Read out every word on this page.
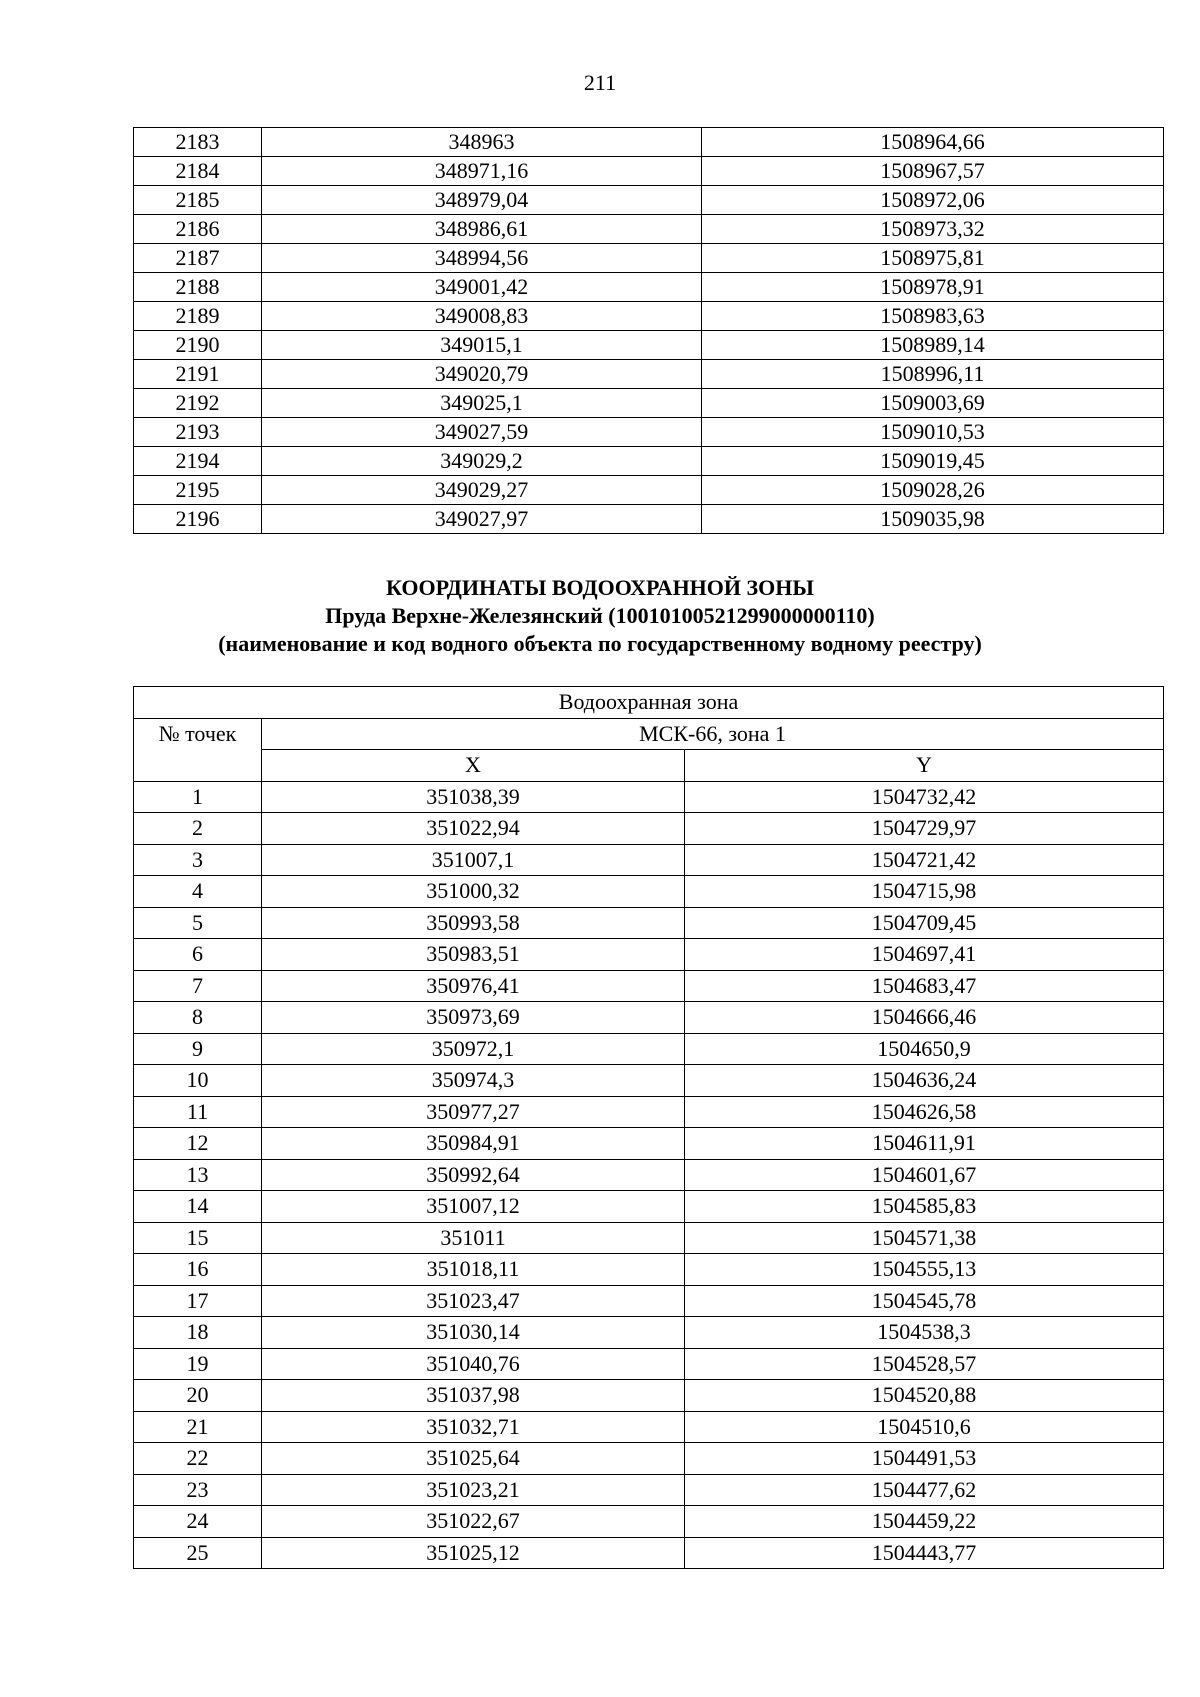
211
2183	348963	1508964,66
2184	348971,16	1508967,57
2185	348979,04	1508972,06
2186	348986,61	1508973,32
2187	348994,56	1508975,81
2188	349001,42	1508978,91
2189	349008,83	1508983,63
2190	349015,1	1508989,14
2191	349020,79	1508996,11
2192	349025,1	1509003,69
2193	349027,59	1509010,53
2194	349029,2	1509019,45
2195	349029,27	1509028,26
2196	349027,97	1509035,98
КООРДИНАТЫ ВОДООХРАННОЙ ЗОНЫ
Пруда Верхне-Железянский (10010100521299000000110)
(наименование и код водного объекта по государственному водному реестру)
Водоохранная зона		
№ точек	МСК-66, зона 1	
	X	Y
1	351038,39	1504732,42
2	351022,94	1504729,97
3	351007,1	1504721,42
4	351000,32	1504715,98
5	350993,58	1504709,45
6	350983,51	1504697,41
7	350976,41	1504683,47
8	350973,69	1504666,46
9	350972,1	1504650,9
10	350974,3	1504636,24
11	350977,27	1504626,58
12	350984,91	1504611,91
13	350992,64	1504601,67
14	351007,12	1504585,83
15	351011	1504571,38
16	351018,11	1504555,13
17	351023,47	1504545,78
18	351030,14	1504538,3
19	351040,76	1504528,57
20	351037,98	1504520,88
21	351032,71	1504510,6
22	351025,64	1504491,53
23	351023,21	1504477,62
24	351022,67	1504459,22
25	351025,12	1504443,77
